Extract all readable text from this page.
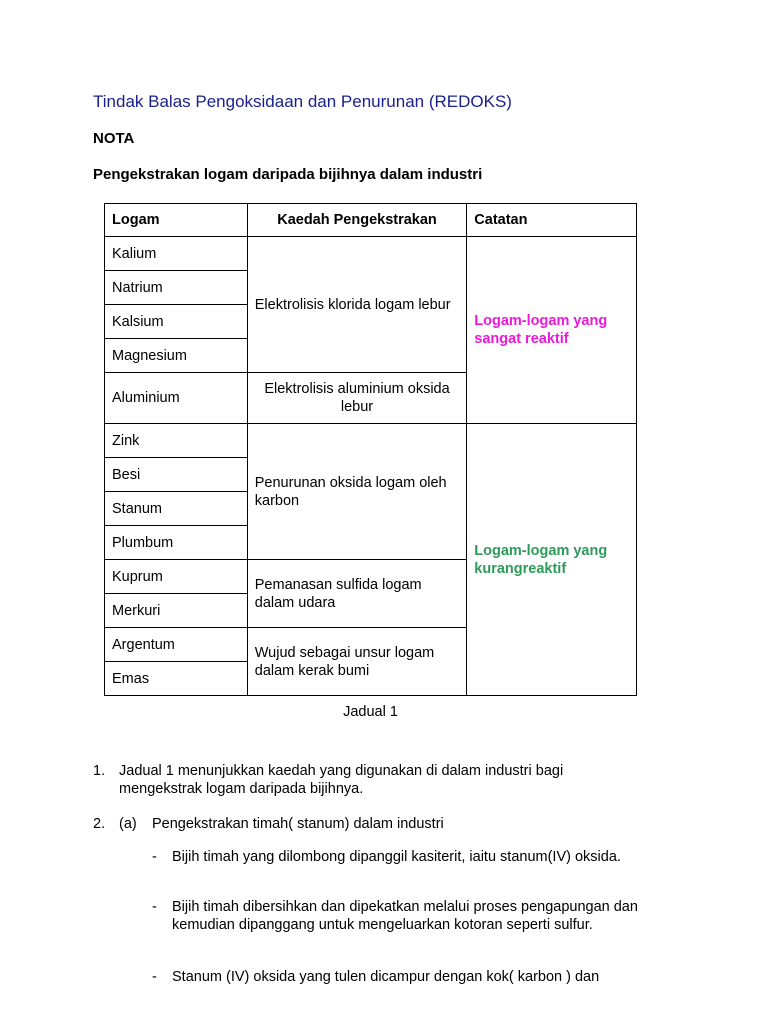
Tindak Balas Pengoksidaan dan Penurunan (REDOKS)
NOTA
Pengekstrakan logam daripada bijihnya dalam industri
Logam	Kaedah Pengekstrakan	Catatan
Kalium	Elektrolisis klorida logam lebur	Logam-logam yang sangat reaktif
Natrium		
Kalsium		
Magnesium		
Aluminium	Elektrolisis aluminium oksida lebur	
Zink	Penurunan oksida logam oleh karbon	Logam-logam yang kurangreaktif
Besi		
Stanum		
Plumbum		
Kuprum	Pemanasan sulfida logam dalam udara	
Merkuri		
Argentum	Wujud sebagai unsur logam dalam kerak bumi	
Emas		
Jadual 1
1. Jadual 1 menunjukkan kaedah yang digunakan di dalam industri bagi mengekstrak logam daripada bijihnya.
2. (a) Pengekstrakan timah( stanum) dalam industri
- Bijih timah yang dilombong dipanggil kasiterit, iaitu stanum(IV) oksida.
- Bijih timah dibersihkan dan dipekatkan melalui proses pengapungan dan kemudian dipanggang untuk mengeluarkan kotoran seperti sulfur.
- Stanum (IV) oksida yang tulen dicampur dengan kok( karbon ) dan
